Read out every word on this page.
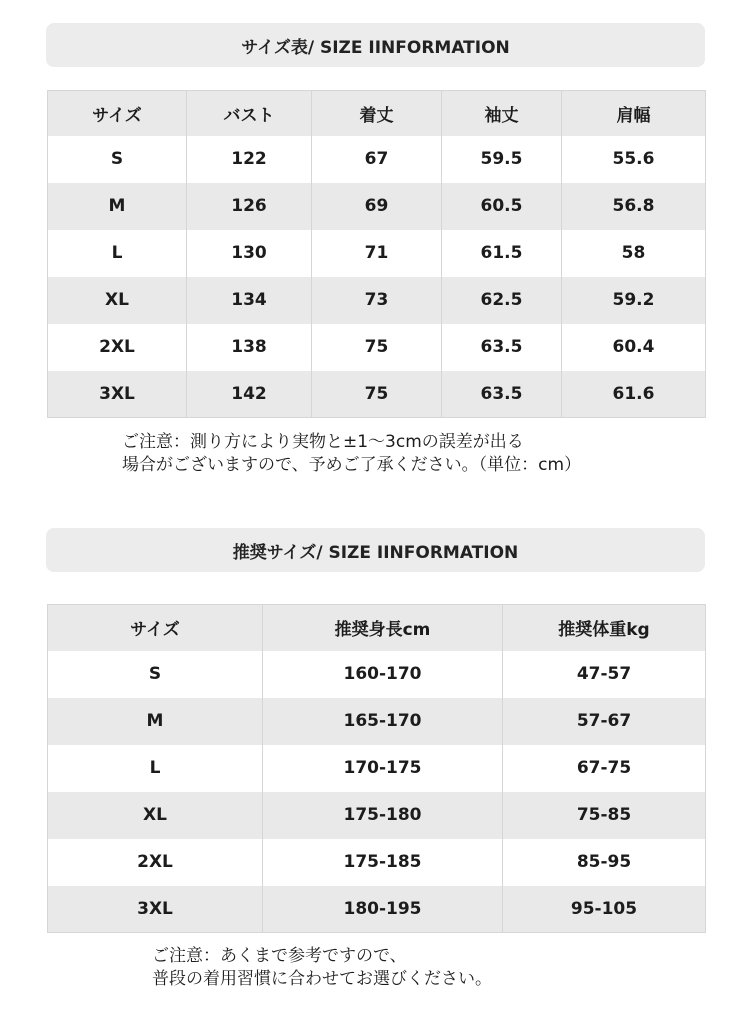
サイズ表/ SIZE IINFORMATION
サイズ	バスト	着丈	袖丈	肩幅
S	122	67	59.5	55.6
M	126	69	60.5	56.8
L	130	71	61.5	58
XL	134	73	62.5	59.2
2XL	138	75	63.5	60.4
3XL	142	75	63.5	61.6
ご注意：測り方により実物と±1～3cmの誤差が出る
場合がございますので、予めご了承ください。（単位：cm）
推奨サイズ/ SIZE IINFORMATION
サイズ	推奨身長cm	推奨体重kg
S	160-170	47-57
M	165-170	57-67
L	170-175	67-75
XL	175-180	75-85
2XL	175-185	85-95
3XL	180-195	95-105
ご注意：あくまで参考ですので、
普段の着用習慣に合わせてお選びください。
